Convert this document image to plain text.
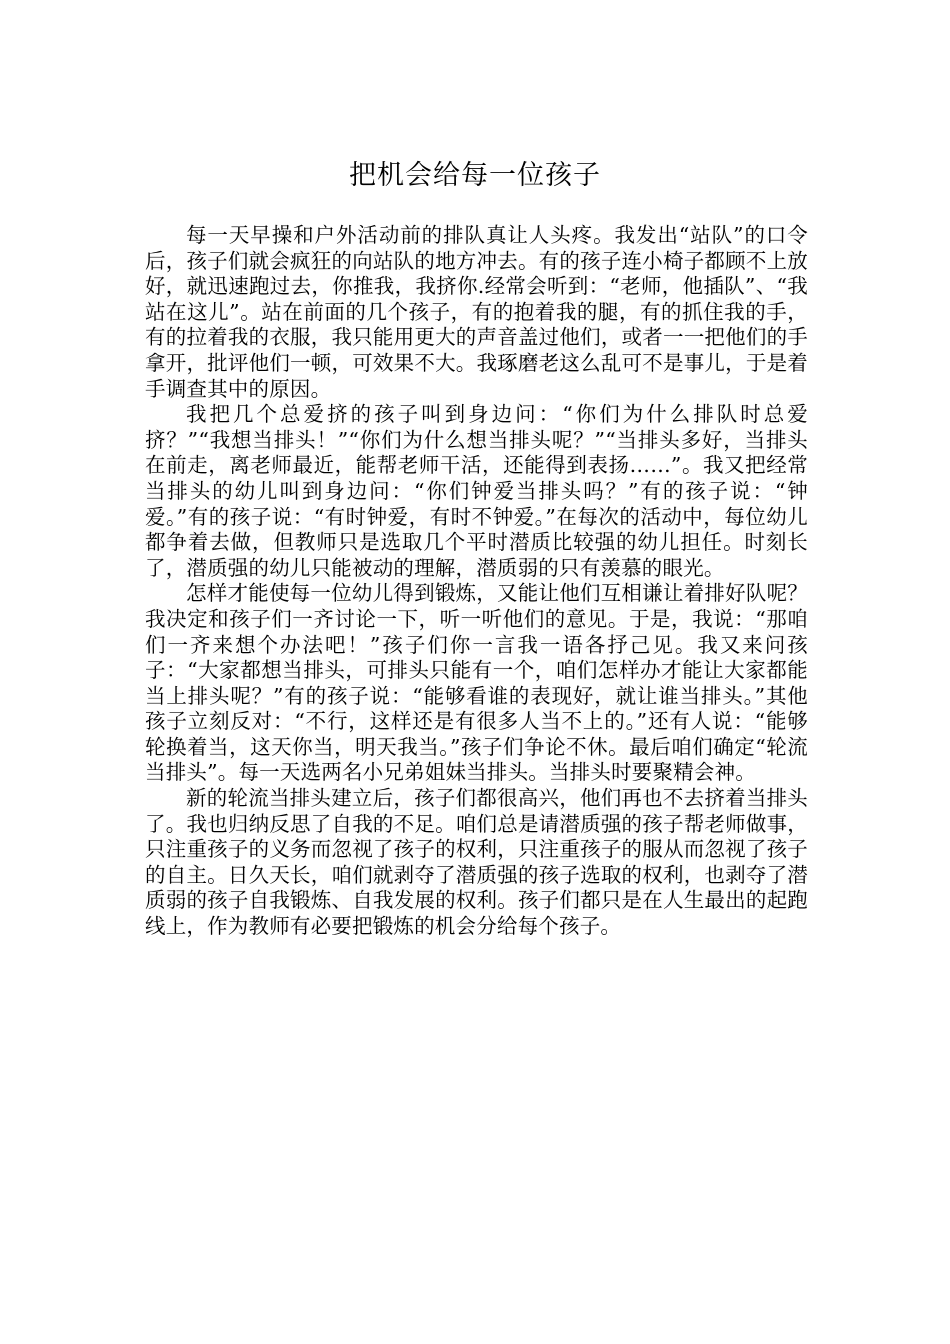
把机会给每一位孩子

每一天早操和户外活动前的排队真让人头疼。我发出“站队”的口令后，孩子们就会疯狂的向站队的地方冲去。有的孩子连小椅子都顾不上放好，就迅速跑过去，你推我，我挤你.经常会听到：“老师，他插队”、“我站在这儿”。站在前面的几个孩子，有的抱着我的腿，有的抓住我的手，有的拉着我的衣服，我只能用更大的声音盖过他们，或者一一把他们的手拿开，批评他们一顿，可效果不大。我琢磨老这么乱可不是事儿，于是着手调查其中的原因。

我把几个总爱挤的孩子叫到身边问：“你们为什么排队时总爱挤？”“我想当排头！”“你们为什么想当排头呢？”“当排头多好，当排头在前走，离老师最近，能帮老师干活，还能得到表扬……”。我又把经常当排头的幼儿叫到身边问：“你们钟爱当排头吗？”有的孩子说：“钟爱。”有的孩子说：“有时钟爱，有时不钟爱。”在每次的活动中，每位幼儿都争着去做，但教师只是选取几个平时潜质比较强的幼儿担任。时刻长了，潜质强的幼儿只能被动的理解，潜质弱的只有羡慕的眼光。

怎样才能使每一位幼儿得到锻炼，又能让他们互相谦让着排好队呢？我决定和孩子们一齐讨论一下，听一听他们的意见。于是，我说：“那咱们一齐来想个办法吧！”孩子们你一言我一语各抒己见。我又来问孩子：“大家都想当排头，可排头只能有一个，咱们怎样办才能让大家都能当上排头呢？”有的孩子说：“能够看谁的表现好，就让谁当排头。”其他孩子立刻反对：“不行，这样还是有很多人当不上的。”还有人说：“能够轮换着当，这天你当，明天我当。”孩子们争论不休。最后咱们确定“轮流当排头”。每一天选两名小兄弟姐妹当排头。当排头时要聚精会神。

新的轮流当排头建立后，孩子们都很高兴，他们再也不去挤着当排头了。我也归纳反思了自我的不足。咱们总是请潜质强的孩子帮老师做事，只注重孩子的义务而忽视了孩子的权利，只注重孩子的服从而忽视了孩子的自主。日久天长，咱们就剥夺了潜质强的孩子选取的权利，也剥夺了潜质弱的孩子自我锻炼、自我发展的权利。孩子们都只是在人生最出的起跑线上，作为教师有必要把锻炼的机会分给每个孩子。
